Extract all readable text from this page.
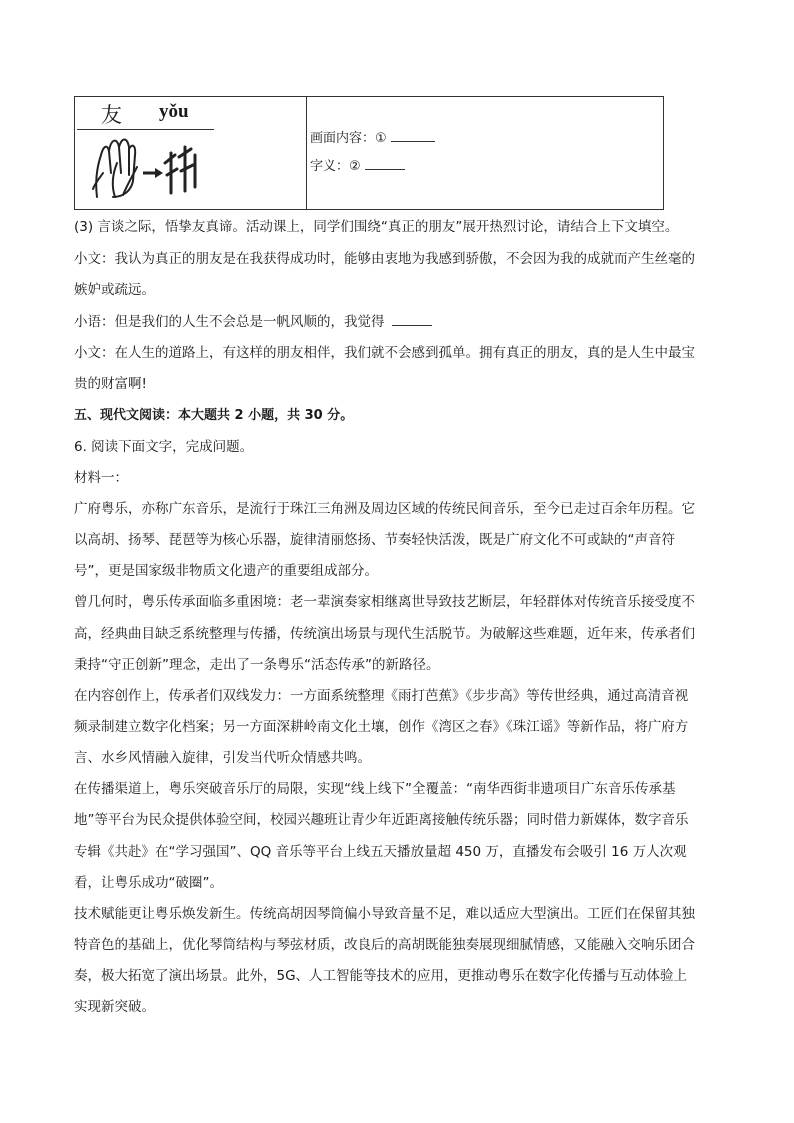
友 yǒu
画面内容：①
字义：②
(3) 言谈之际，悟挚友真谛。活动课上，同学们围绕“真正的朋友”展开热烈讨论，请结合上下文填空。
小文：我认为真正的朋友是在我获得成功时，能够由衷地为我感到骄傲，不会因为我的成就而产生丝毫的
嫉妒或疏远。
小语：但是我们的人生不会总是一帆风顺的，我觉得
小文：在人生的道路上，有这样的朋友相伴，我们就不会感到孤单。拥有真正的朋友，真的是人生中最宝
贵的财富啊!
五、现代文阅读：本大题共 2 小题，共 30 分。
6. 阅读下面文字，完成问题。
材料一：
广府粤乐，亦称广东音乐，是流行于珠江三角洲及周边区域的传统民间音乐，至今已走过百余年历程。它
以高胡、扬琴、琵琶等为核心乐器，旋律清丽悠扬、节奏轻快活泼，既是广府文化不可或缺的“声音符
号”，更是国家级非物质文化遗产的重要组成部分。
曾几何时，粤乐传承面临多重困境：老一辈演奏家相继离世导致技艺断层，年轻群体对传统音乐接受度不
高，经典曲目缺乏系统整理与传播，传统演出场景与现代生活脱节。为破解这些难题，近年来，传承者们
秉持“守正创新”理念，走出了一条粤乐“活态传承”的新路径。
在内容创作上，传承者们双线发力：一方面系统整理《雨打芭蕉》《步步高》等传世经典，通过高清音视
频录制建立数字化档案；另一方面深耕岭南文化土壤，创作《湾区之春》《珠江谣》等新作品，将广府方
言、水乡风情融入旋律，引发当代听众情感共鸣。
在传播渠道上，粤乐突破音乐厅的局限，实现“线上线下”全覆盖：“南华西街非遗项目广东音乐传承基
地”等平台为民众提供体验空间，校园兴趣班让青少年近距离接触传统乐器；同时借力新媒体，数字音乐
专辑《共赴》在“学习强国”、QQ 音乐等平台上线五天播放量超 450 万，直播发布会吸引 16 万人次观
看，让粤乐成功“破圈”。
技术赋能更让粤乐焕发新生。传统高胡因琴筒偏小导致音量不足，难以适应大型演出。工匠们在保留其独
特音色的基础上，优化琴筒结构与琴弦材质，改良后的高胡既能独奏展现细腻情感，又能融入交响乐团合
奏，极大拓宽了演出场景。此外，5G、人工智能等技术的应用，更推动粤乐在数字化传播与互动体验上
实现新突破。
